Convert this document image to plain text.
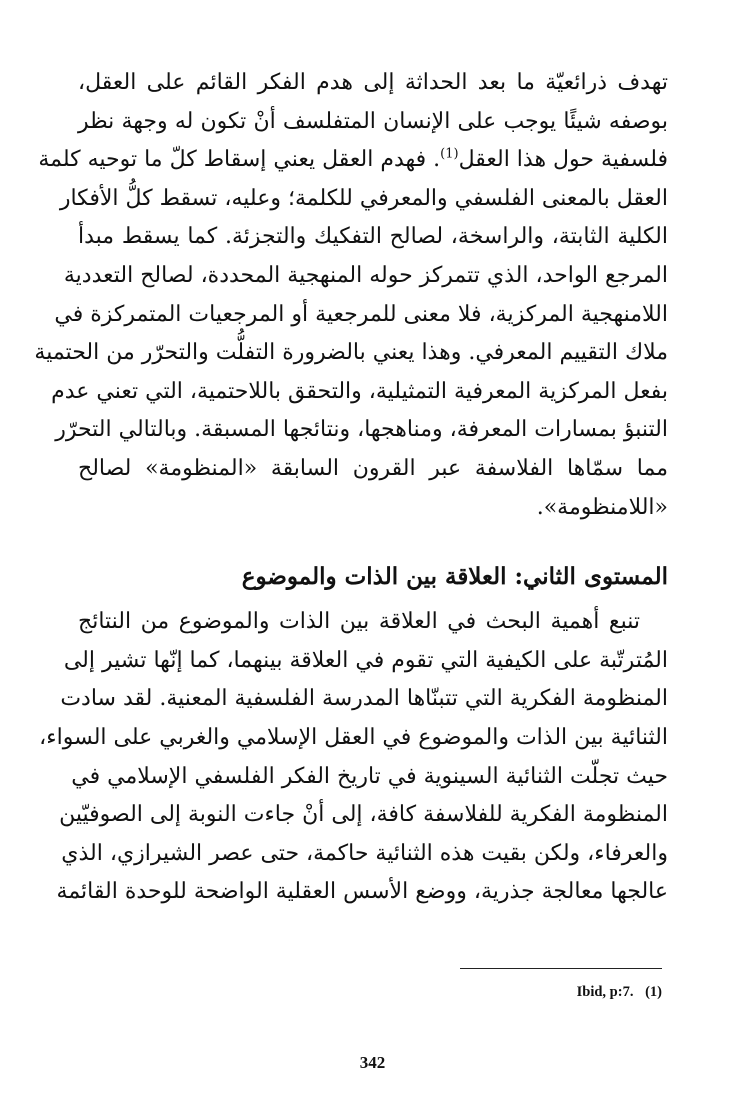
تهدف ذرائعيّة ما بعد الحداثة إلى هدم الفكر القائم على العقل،
بوصفه شيئًا يوجب على الإنسان المتفلسف أنْ تكون له وجهة نظر
فلسفية حول هذا العقل$^{(1)}$. فهدم العقل يعني إسقاط كلّ ما توحيه كلمة
العقل بالمعنى الفلسفي والمعرفي للكلمة؛ وعليه، تسقط كلُّ الأفكار
الكلية الثابتة، والراسخة، لصالح التفكيك والتجزئة. كما يسقط مبدأ
المرجع الواحد، الذي تتمركز حوله المنهجية المحددة، لصالح التعددية
اللامنهجية المركزية، فلا معنى للمرجعية أو المرجعيات المتمركزة في
ملاك التقييم المعرفي. وهذا يعني بالضرورة التفلُّت والتحرّر من الحتمية
بفعل المركزية المعرفية التمثيلية، والتحقق باللاحتمية، التي تعني عدم
التنبؤ بمسارات المعرفة، ومناهجها، ونتائجها المسبقة. وبالتالي التحرّر
مما سمّاها الفلاسفة عبر القرون السابقة «المنظومة» لصالح
«اللامنظومة».

المستوى الثاني: العلاقة بين الذات والموضوع

تنبع أهمية البحث في العلاقة بين الذات والموضوع من النتائج
المُترتّبة على الكيفية التي تقوم في العلاقة بينهما، كما إنّها تشير إلى
المنظومة الفكرية التي تتبنّاها المدرسة الفلسفية المعنية. لقد سادت
الثنائية بين الذات والموضوع في العقل الإسلامي والغربي على السواء،
حيث تجلّت الثنائية السينوية في تاريخ الفكر الفلسفي الإسلامي في
المنظومة الفكرية للفلاسفة كافة، إلى أنْ جاءت النوبة إلى الصوفيّين
والعرفاء، ولكن بقيت هذه الثنائية حاكمة، حتى عصر الشيرازي، الذي
عالجها معالجة جذرية، ووضع الأسس العقلية الواضحة للوحدة القائمة

Ibid, p:7. (1)
342
